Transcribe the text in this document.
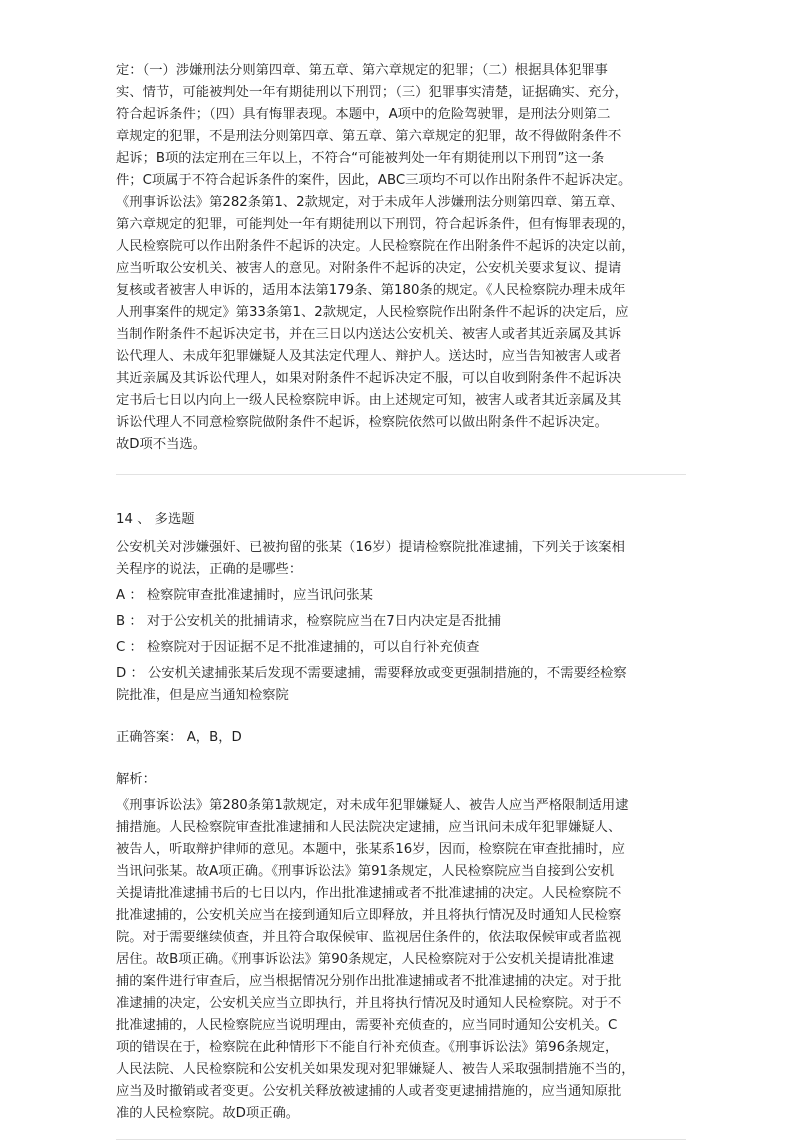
定：（一）涉嫌刑法分则第四章、第五章、第六章规定的犯罪；（二）根据具体犯罪事
实、情节，可能被判处一年有期徒刑以下刑罚；（三）犯罪事实清楚，证据确实、充分，
符合起诉条件；（四）具有悔罪表现。本题中，A项中的危险驾驶罪，是刑法分则第二
章规定的犯罪，不是刑法分则第四章、第五章、第六章规定的犯罪，故不得做附条件不
起诉；B项的法定刑在三年以上，不符合“可能被判处一年有期徒刑以下刑罚”这一条
件；C项属于不符合起诉条件的案件，因此，ABC三项均不可以作出附条件不起诉决定。
《刑事诉讼法》第282条第1、2款规定，对于未成年人涉嫌刑法分则第四章、第五章、
第六章规定的犯罪，可能判处一年有期徒刑以下刑罚，符合起诉条件，但有悔罪表现的，
人民检察院可以作出附条件不起诉的决定。人民检察院在作出附条件不起诉的决定以前，
应当听取公安机关、被害人的意见。对附条件不起诉的决定，公安机关要求复议、提请
复核或者被害人申诉的，适用本法第179条、第180条的规定。《人民检察院办理未成年
人刑事案件的规定》第33条第1、2款规定，人民检察院作出附条件不起诉的决定后，应
当制作附条件不起诉决定书，并在三日以内送达公安机关、被害人或者其近亲属及其诉
讼代理人、未成年犯罪嫌疑人及其法定代理人、辩护人。送达时，应当告知被害人或者
其近亲属及其诉讼代理人，如果对附条件不起诉决定不服，可以自收到附条件不起诉决
定书后七日以内向上一级人民检察院申诉。由上述规定可知，被害人或者其近亲属及其
诉讼代理人不同意检察院做附条件不起诉，检察院依然可以做出附条件不起诉决定。
故D项不当选。

14 、 多选题
公安机关对涉嫌强奸、已被拘留的张某（16岁）提请检察院批准逮捕，下列关于该案相
关程序的说法，正确的是哪些：
A ： 检察院审查批准逮捕时，应当讯问张某
B ： 对于公安机关的批捕请求，检察院应当在7日内决定是否批捕
C ： 检察院对于因证据不足不批准逮捕的，可以自行补充侦查
D ： 公安机关逮捕张某后发现不需要逮捕，需要释放或变更强制措施的，不需要经检察
院批准，但是应当通知检察院
正确答案： A，B，D
解析：
《刑事诉讼法》第280条第1款规定，对未成年犯罪嫌疑人、被告人应当严格限制适用逮
捕措施。人民检察院审查批准逮捕和人民法院决定逮捕，应当讯问未成年犯罪嫌疑人、
被告人，听取辩护律师的意见。本题中，张某系16岁，因而，检察院在审查批捕时，应
当讯问张某。故A项正确。《刑事诉讼法》第91条规定，人民检察院应当自接到公安机
关提请批准逮捕书后的七日以内，作出批准逮捕或者不批准逮捕的决定。人民检察院不
批准逮捕的，公安机关应当在接到通知后立即释放，并且将执行情况及时通知人民检察
院。对于需要继续侦查，并且符合取保候审、监视居住条件的，依法取保候审或者监视
居住。故B项正确。《刑事诉讼法》第90条规定，人民检察院对于公安机关提请批准逮
捕的案件进行审查后，应当根据情况分别作出批准逮捕或者不批准逮捕的决定。对于批
准逮捕的决定，公安机关应当立即执行，并且将执行情况及时通知人民检察院。对于不
批准逮捕的，人民检察院应当说明理由，需要补充侦查的，应当同时通知公安机关。C
项的错误在于，检察院在此种情形下不能自行补充侦查。《刑事诉讼法》第96条规定，
人民法院、人民检察院和公安机关如果发现对犯罪嫌疑人、被告人采取强制措施不当的，
应当及时撤销或者变更。公安机关释放被逮捕的人或者变更逮捕措施的，应当通知原批
准的人民检察院。故D项正确。
